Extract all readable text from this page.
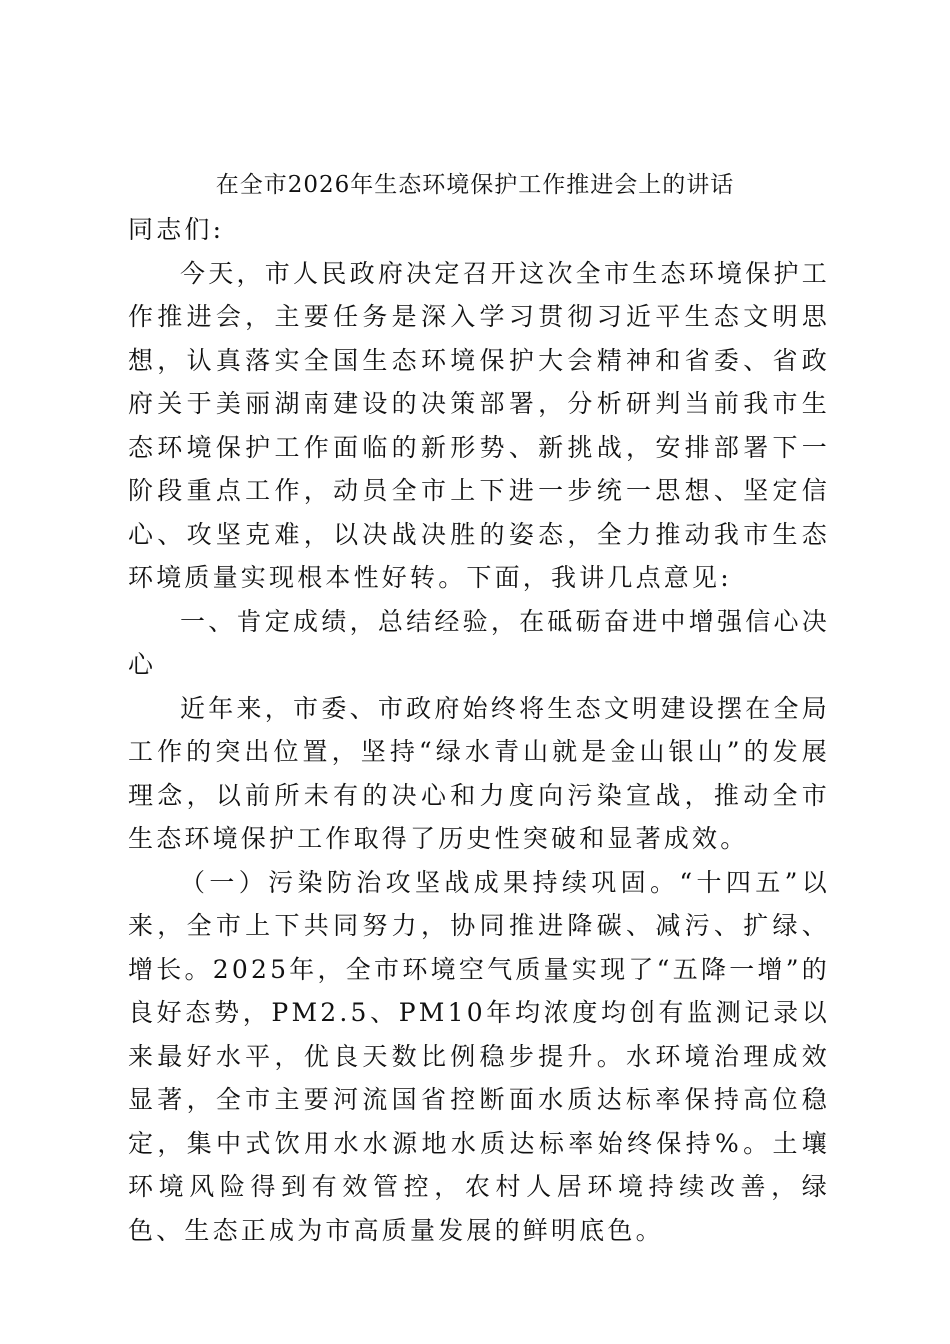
在全市2026年生态环境保护工作推进会上的讲话

同志们:

今天，市人民政府决定召开这次全市生态环境保护工作推进会，主要任务是深入学习贯彻习近平生态文明思想，认真落实全国生态环境保护大会精神和省委、省政府关于美丽湖南建设的决策部署，分析研判当前我市生态环境保护工作面临的新形势、新挑战，安排部署下一阶段重点工作，动员全市上下进一步统一思想、坚定信心、攻坚克难，以决战决胜的姿态，全力推动我市生态环境质量实现根本性好转。下面，我讲几点意见:

一、肯定成绩，总结经验，在砥砺奋进中增强信心决心

近年来，市委、市政府始终将生态文明建设摆在全局工作的突出位置，坚持“绿水青山就是金山银山”的发展理念，以前所未有的决心和力度向污染宣战，推动全市生态环境保护工作取得了历史性突破和显著成效。

（一）污染防治攻坚战成果持续巩固。“十四五”以来，全市上下共同努力，协同推进降碳、减污、扩绿、增长。2025年，全市环境空气质量实现了“五降一增”的良好态势，PM2.5、PM10年均浓度均创有监测记录以来最好水平，优良天数比例稳步提升。水环境治理成效显著，全市主要河流国省控断面水质达标率保持高位稳定，集中式饮用水水源地水质达标率始终保持%。土壤环境风险得到有效管控，农村人居环境持续改善，绿色、生态正成为市高质量发展的鲜明底色。
